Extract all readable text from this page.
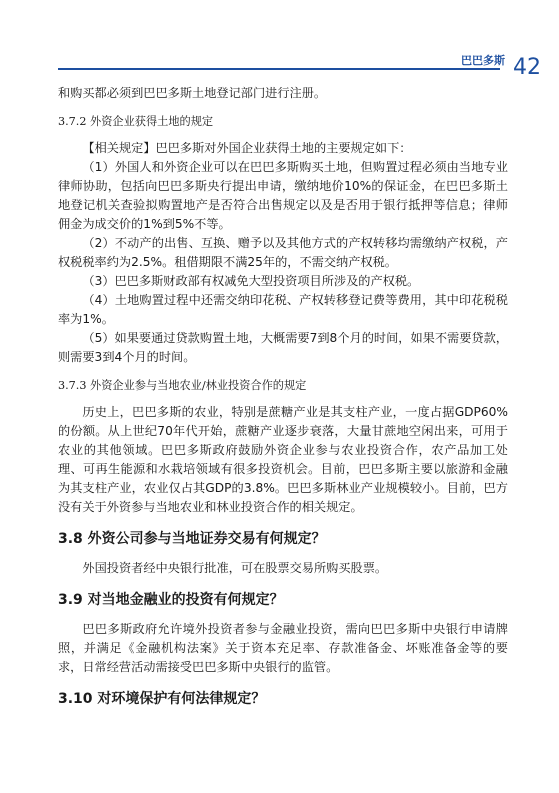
巴巴多斯 42

和购买都必须到巴巴多斯土地登记部门进行注册。

3.7.2 外资企业获得土地的规定

【相关规定】巴巴多斯对外国企业获得土地的主要规定如下：

（1）外国人和外资企业可以在巴巴多斯购买土地，但购置过程必须由当地专业律师协助，包括向巴巴多斯央行提出申请，缴纳地价10%的保证金，在巴巴多斯土地登记机关查验拟购置地产是否符合出售规定以及是否用于银行抵押等信息；律师佣金为成交价的1%到5%不等。

（2）不动产的出售、互换、赠予以及其他方式的产权转移均需缴纳产权税，产权税税率约为2.5%。租借期限不满25年的，不需交纳产权税。

（3）巴巴多斯财政部有权减免大型投资项目所涉及的产权税。

（4）土地购置过程中还需交纳印花税、产权转移登记费等费用，其中印花税税率为1%。

（5）如果要通过贷款购置土地，大概需要7到8个月的时间，如果不需要贷款，则需要3到4个月的时间。

3.7.3 外资企业参与当地农业/林业投资合作的规定

历史上，巴巴多斯的农业，特别是蔗糖产业是其支柱产业，一度占据GDP60%的份额。从上世纪70年代开始，蔗糖产业逐步衰落，大量甘蔗地空闲出来，可用于农业的其他领域。巴巴多斯政府鼓励外资企业参与农业投资合作，农产品加工处理、可再生能源和水栽培领域有很多投资机会。目前，巴巴多斯主要以旅游和金融为其支柱产业，农业仅占其GDP的3.8%。巴巴多斯林业产业规模较小。目前，巴方没有关于外资参与当地农业和林业投资合作的相关规定。

3.8 外资公司参与当地证券交易有何规定？

外国投资者经中央银行批准，可在股票交易所购买股票。

3.9 对当地金融业的投资有何规定？

巴巴多斯政府允许境外投资者参与金融业投资，需向巴巴多斯中央银行申请牌照，并满足《金融机构法案》关于资本充足率、存款准备金、坏账准备金等的要求，日常经营活动需接受巴巴多斯中央银行的监管。

3.10 对环境保护有何法律规定？
